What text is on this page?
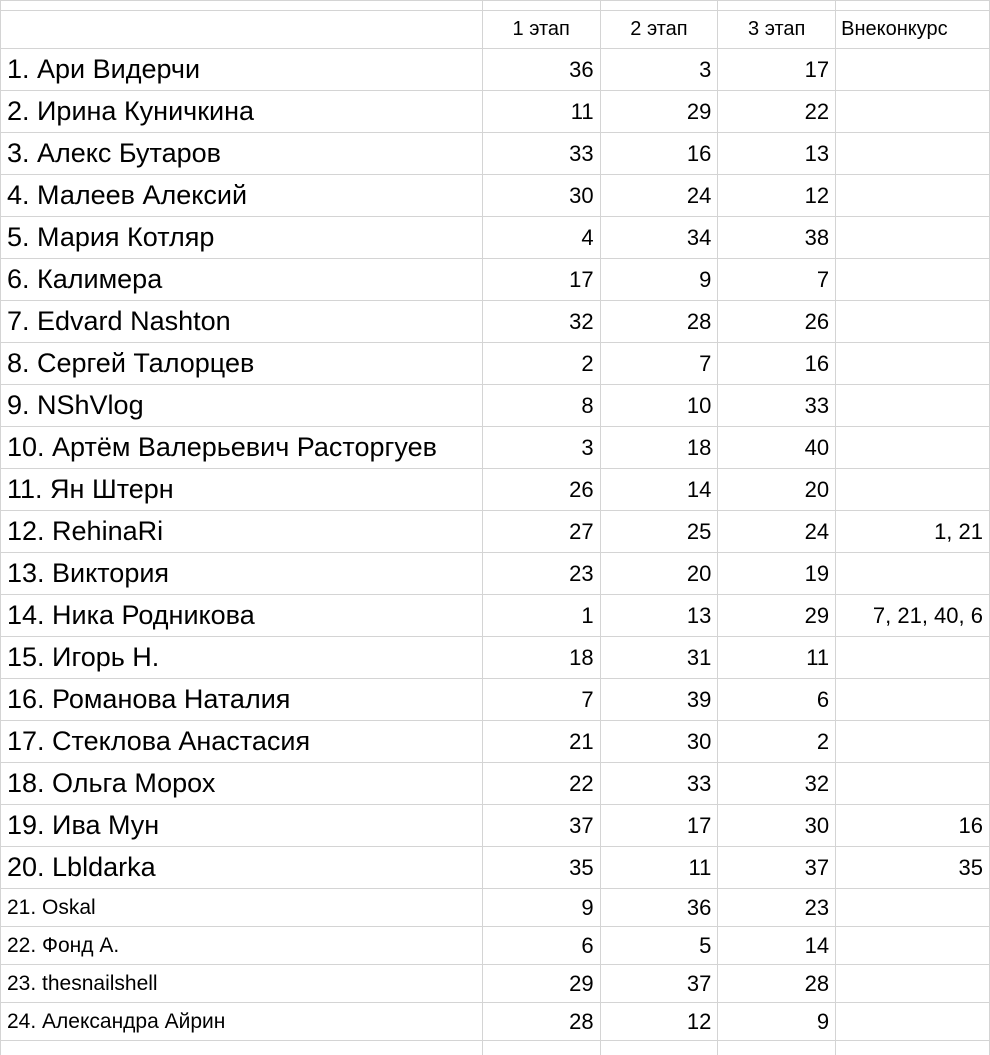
	1 этап	2 этап	3 этап	Внеконкурс
1. Ари Видерчи	36	3	17	
2. Ирина Куничкина	11	29	22	
3. Алекс Бутаров	33	16	13	
4. Малеев Алексий	30	24	12	
5. Мария Котляр	4	34	38	
6. Калимера	17	9	7	
7. Edvard Nashton	32	28	26	
8. Сергей Талорцев	2	7	16	
9. NShVlog	8	10	33	
10. Артём Валерьевич Расторгуев	3	18	40	
11. Ян Штерн	26	14	20	
12. RehinaRi	27	25	24	1, 21
13. Виктория	23	20	19	
14. Ника Родникова	1	13	29	7, 21, 40, 6
15. Игорь Н.	18	31	11	
16. Романова Наталия	7	39	6	
17. Стеклова Анастасия	21	30	2	
18. Ольга Морох	22	33	32	
19. Ива Мун	37	17	30	16
20. Lbldarka	35	11	37	35
21. Oskal	9	36	23	
22. Фонд А.	6	5	14	
23. thesnailshell	29	37	28	
24. Александра Айрин	28	12	9	
